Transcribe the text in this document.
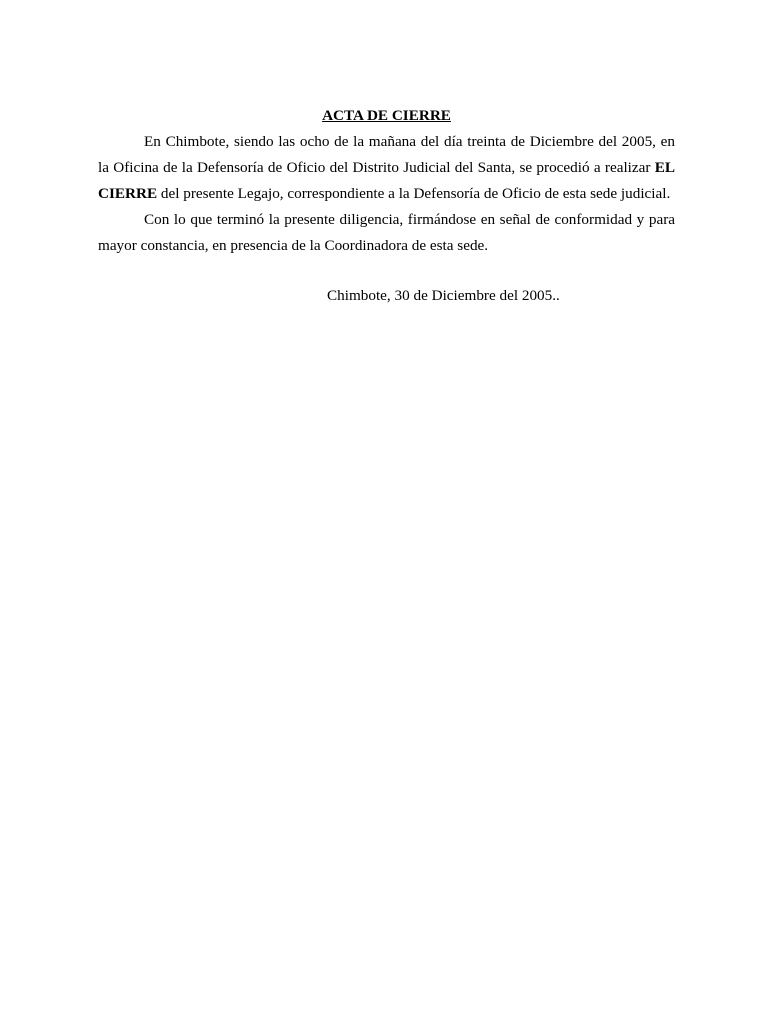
ACTA DE CIERRE

En Chimbote, siendo las ocho de la mañana del día treinta de Diciembre del 2005, en la Oficina de la Defensoría de Oficio del Distrito Judicial del Santa, se procedió a realizar EL CIERRE del presente Legajo, correspondiente a la Defensoría de Oficio de esta sede judicial.

Con lo que terminó la presente diligencia, firmándose en señal de conformidad y para mayor constancia, en presencia de la Coordinadora de esta sede.

Chimbote, 30 de Diciembre del 2005..
